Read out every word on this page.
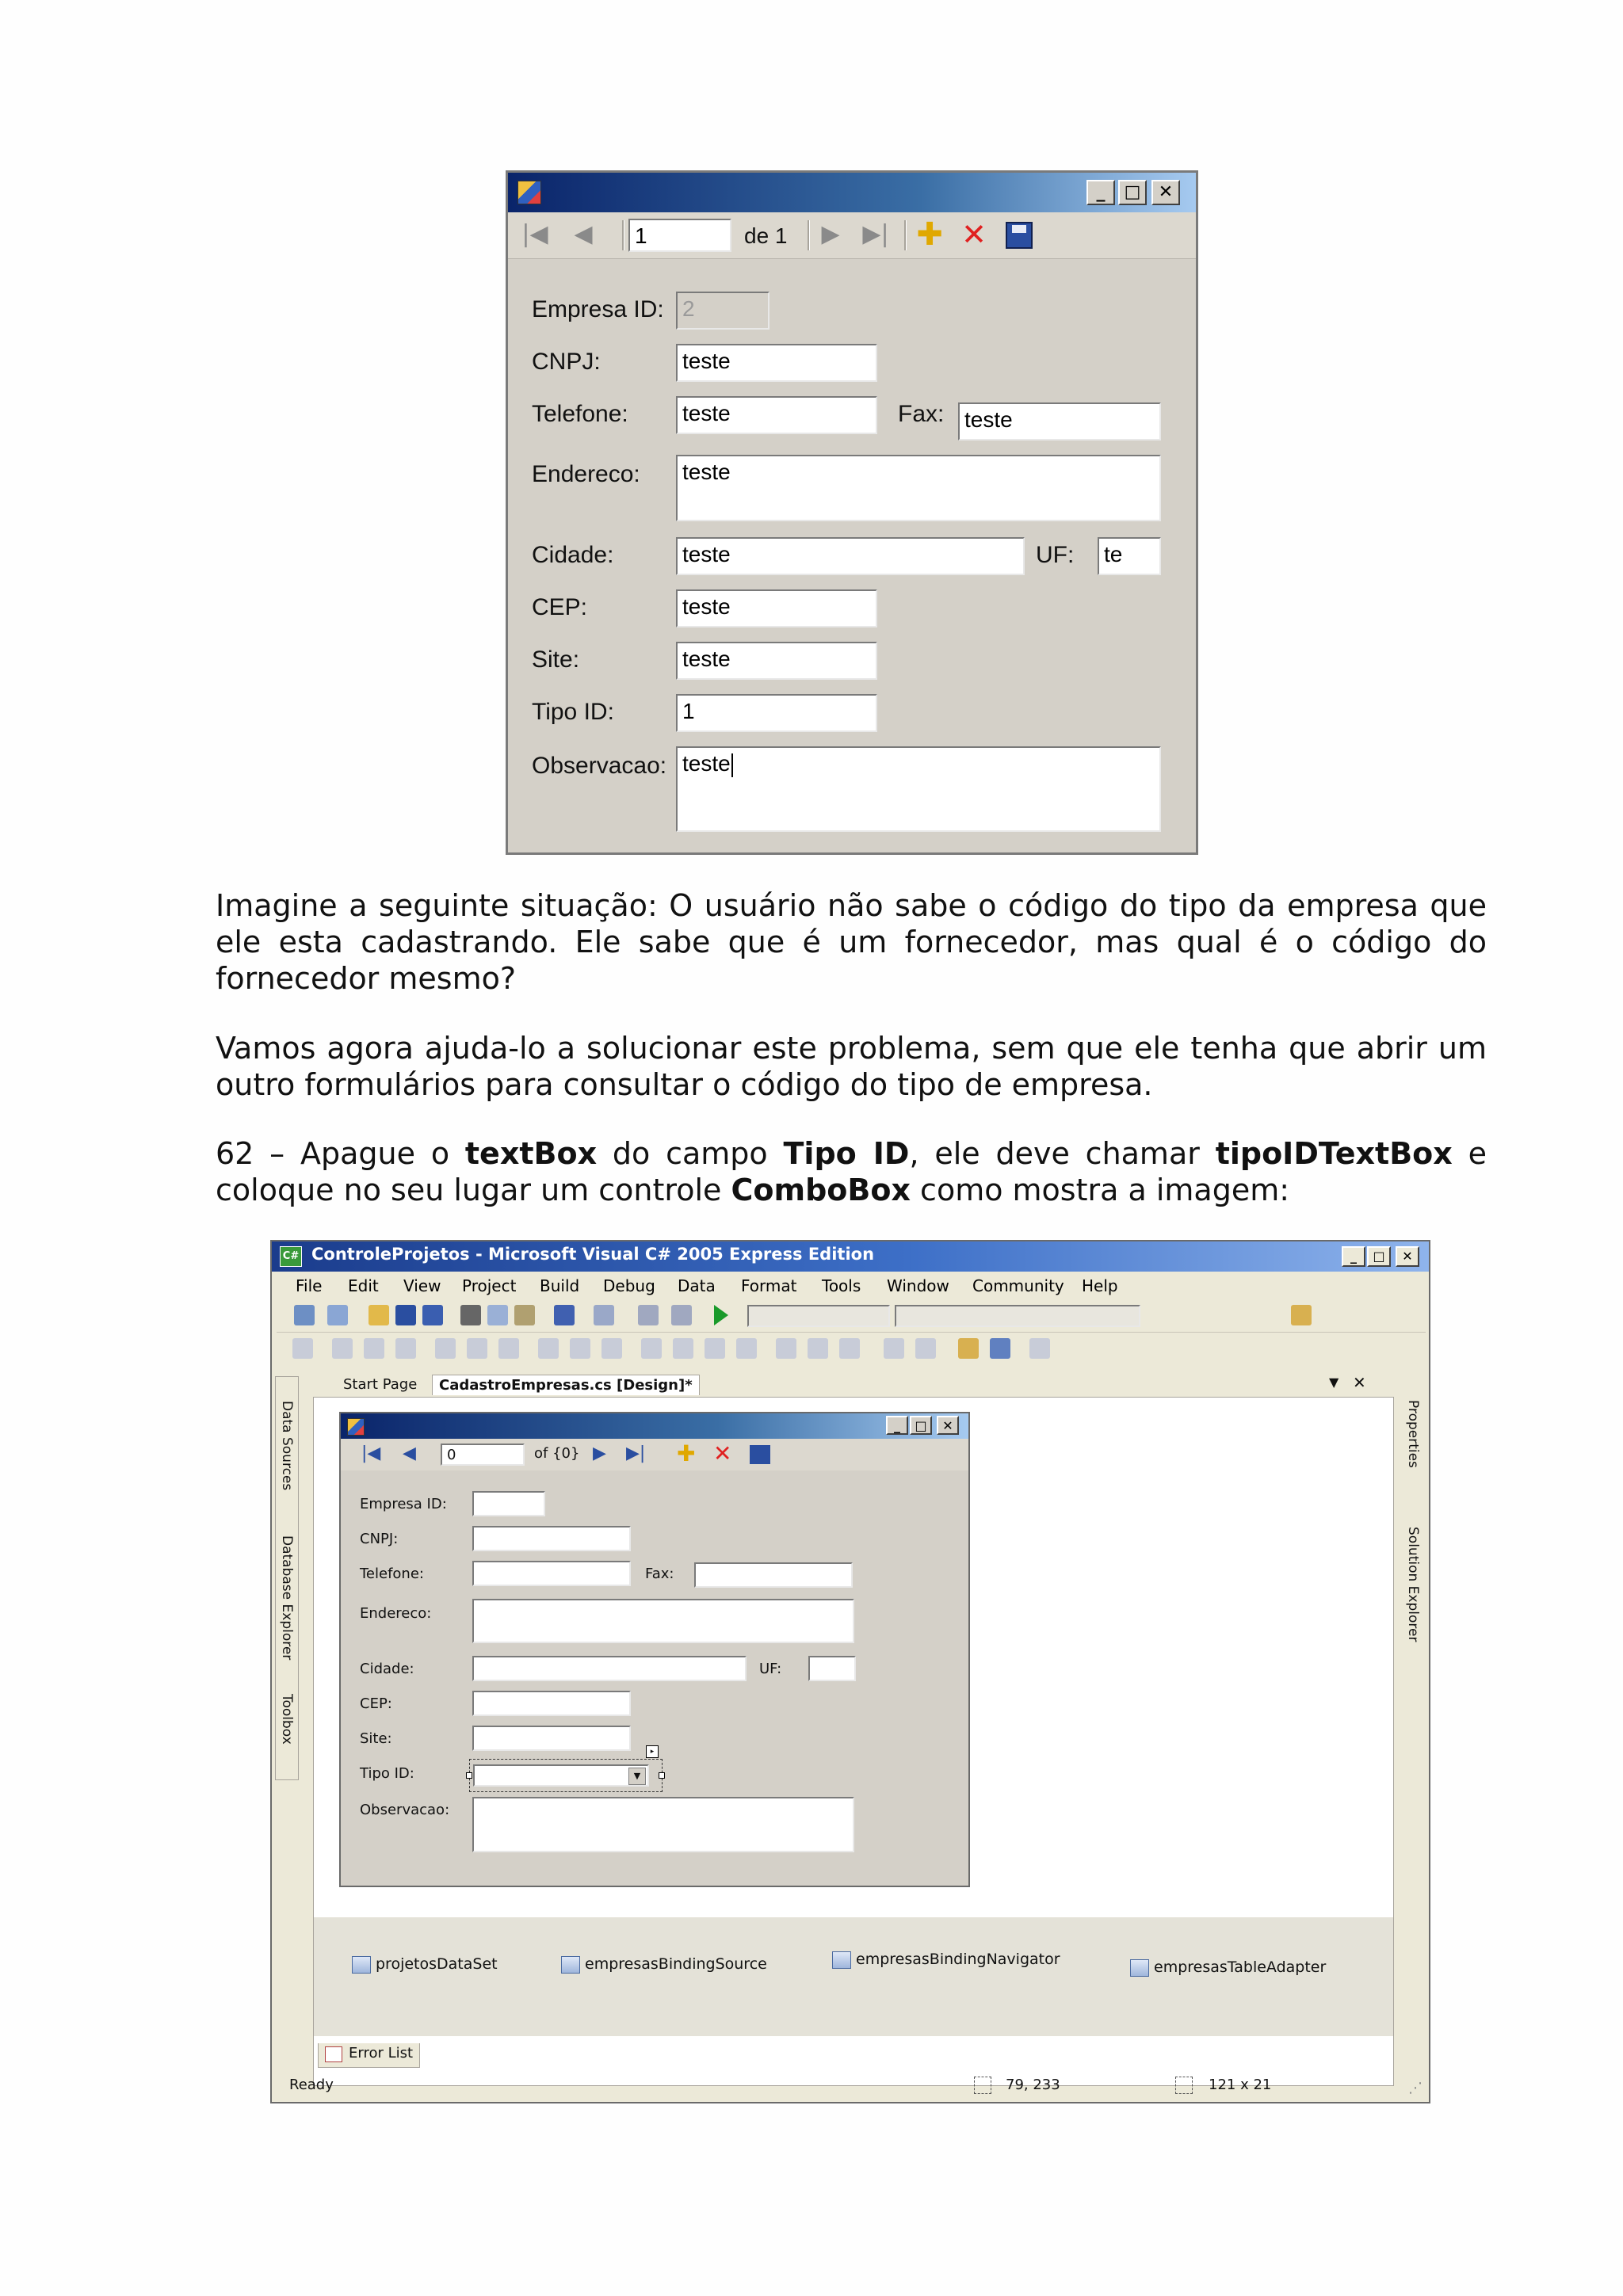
_	□	✕
|◀ ◀ 1	de 1 ▶ ▶| ✚ ✕
Empresa ID: 2
CNPJ:	teste
Telefone: teste	Fax: teste
Endereco: teste
Cidade:	teste	UF: te
CEP:	teste
Site:	teste
Tipo ID:	1
Observacao: teste
Imagine a seguinte situação: O usuário não sabe o código do tipo da empresa que ele esta cadastrando. Ele sabe que é um fornecedor, mas qual é o código do fornecedor mesmo?
Vamos agora ajuda-lo a solucionar este problema, sem que ele tenha que abrir um outro formulários para consultar o código do tipo de empresa.
62 – Apague o textBox do campo Tipo ID, ele deve chamar tipoIDTextBox e coloque no seu lugar um controle ComboBox como mostra a imagem:
C# ControleProjetos - Microsoft Visual C# 2005 Express Edition	_	□	✕
File Edit View Project Build Debug Data Format Tools Window Community Help
Data Sources
Database Explorer
Toolbox
Properties
Solution Explorer
Start Page	CadastroEmpresas.cs [Design]*	▼ ✕
_	□	✕
|◀ ◀	0	of {0} ▶ ▶| ✚ ✕
Empresa ID:
CNPJ:
Telefone:	Fax:
Endereco:
Cidade:	UF:
CEP:
Site:
Tipo ID:	▼
▸
Observacao:
projetosDataSet	empresasBindingSource	empresasBindingNavigator	empresasTableAdapter
Error List
Ready	79, 233	121 x 21	⋰
